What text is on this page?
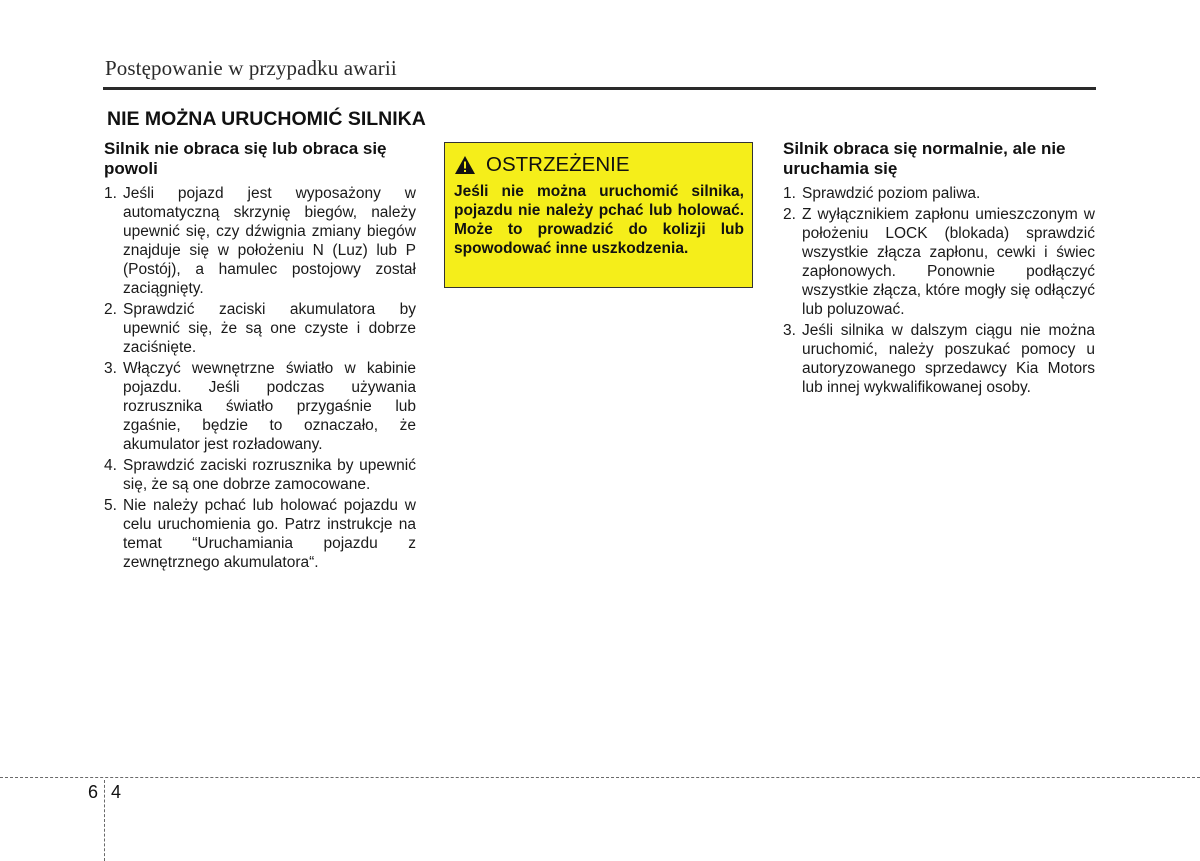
Postępowanie w przypadku awarii
NIE MOŻNA URUCHOMIĆ SILNIKA
Silnik nie obraca się lub obraca się powoli
1. Jeśli pojazd jest wyposażony w automatyczną skrzynię biegów, należy upewnić się, czy dźwignia zmiany biegów znajduje się w położeniu N (Luz) lub P (Postój), a hamulec postojowy został zaciągnięty.
2. Sprawdzić zaciski akumulatora by upewnić się, że są one czyste i dobrze zaciśnięte.
3. Włączyć wewnętrzne światło w kabinie pojazdu. Jeśli podczas używania rozrusznika światło przygaśnie lub zgaśnie, będzie to oznaczało, że akumulator jest rozładowany.
4. Sprawdzić zaciski rozrusznika by upewnić się, że są one dobrze zamocowane.
5. Nie należy pchać lub holować pojazdu w celu uruchomienia go. Patrz instrukcje na temat “Uruchamiania pojazdu z zewnętrznego akumulatora“.
OSTRZEŻENIE
Jeśli nie można uruchomić silnika, pojazdu nie należy pchać lub holować. Może to prowadzić do kolizji lub spowodować inne uszkodzenia.
Silnik obraca się normalnie, ale nie uruchamia się
1. Sprawdzić poziom paliwa.
2. Z wyłącznikiem zapłonu umieszczonym w położeniu LOCK (blokada) sprawdzić wszystkie złącza zapłonu, cewki i świec zapłonowych. Ponownie podłączyć wszystkie złącza, które mogły się odłączyć lub poluzować.
3. Jeśli silnika w dalszym ciągu nie można uruchomić, należy poszukać pomocy u autoryzowanego sprzedawcy Kia Motors lub innej wykwalifikowanej osoby.
6 4
